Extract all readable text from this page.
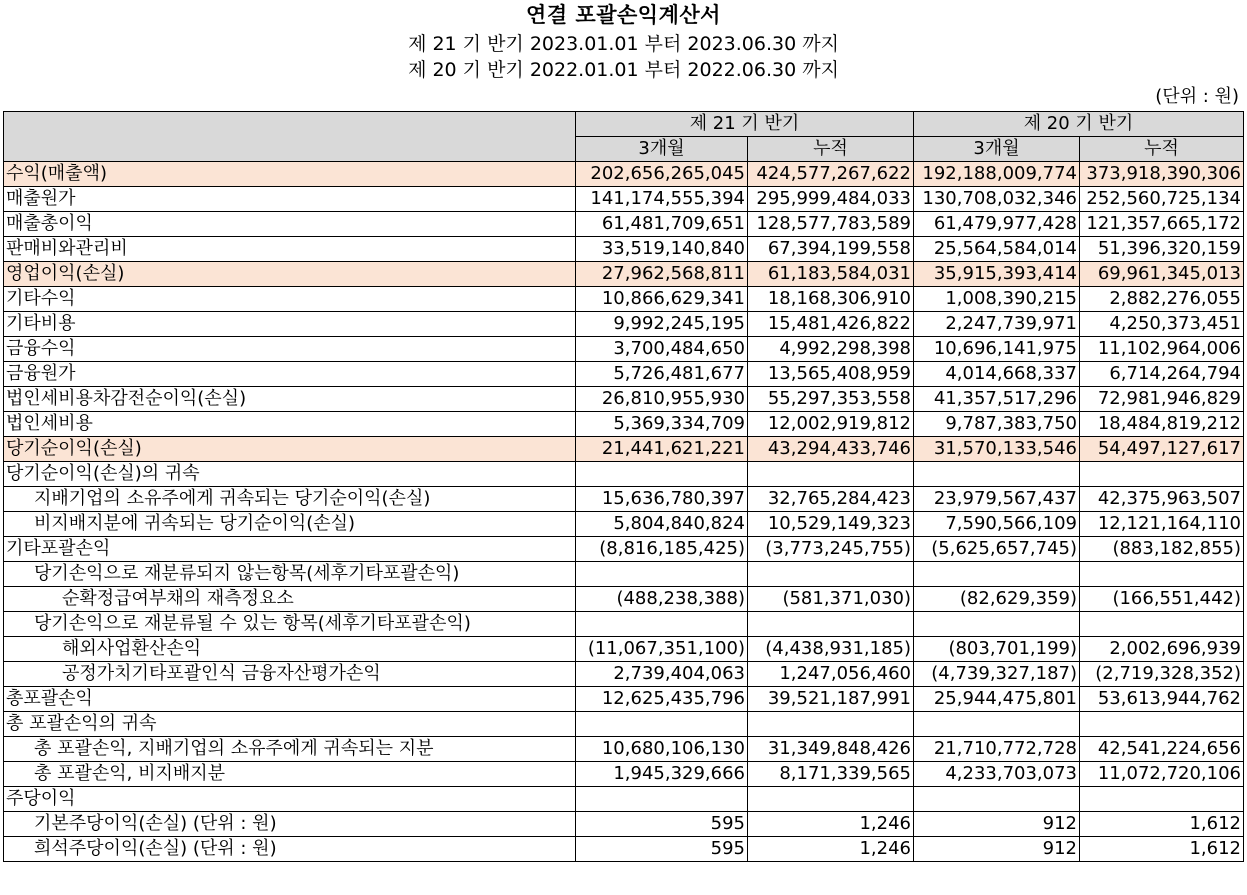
연결 포괄손익계산서
제 21 기 반기 2023.01.01 부터 2023.06.30 까지
제 20 기 반기 2022.01.01 부터 2022.06.30 까지
(단위 : 원)
	제 21 기 반기		제 20 기 반기	
	3개월	누적	3개월	누적
수익(매출액)	202,656,265,045	424,577,267,622	192,188,009,774	373,918,390,306
매출원가	141,174,555,394	295,999,484,033	130,708,032,346	252,560,725,134
매출총이익	61,481,709,651	128,577,783,589	61,479,977,428	121,357,665,172
판매비와관리비	33,519,140,840	67,394,199,558	25,564,584,014	51,396,320,159
영업이익(손실)	27,962,568,811	61,183,584,031	35,915,393,414	69,961,345,013
기타수익	10,866,629,341	18,168,306,910	1,008,390,215	2,882,276,055
기타비용	9,992,245,195	15,481,426,822	2,247,739,971	4,250,373,451
금융수익	3,700,484,650	4,992,298,398	10,696,141,975	11,102,964,006
금융원가	5,726,481,677	13,565,408,959	4,014,668,337	6,714,264,794
법인세비용차감전순이익(손실)	26,810,955,930	55,297,353,558	41,357,517,296	72,981,946,829
법인세비용	5,369,334,709	12,002,919,812	9,787,383,750	18,484,819,212
당기순이익(손실)	21,441,621,221	43,294,433,746	31,570,133,546	54,497,127,617
당기순이익(손실)의 귀속				
지배기업의 소유주에게 귀속되는 당기순이익(손실)	15,636,780,397	32,765,284,423	23,979,567,437	42,375,963,507
비지배지분에 귀속되는 당기순이익(손실)	5,804,840,824	10,529,149,323	7,590,566,109	12,121,164,110
기타포괄손익	(8,816,185,425)	(3,773,245,755)	(5,625,657,745)	(883,182,855)
당기손익으로 재분류되지 않는항목(세후기타포괄손익)				
순확정급여부채의 재측정요소	(488,238,388)	(581,371,030)	(82,629,359)	(166,551,442)
당기손익으로 재분류될 수 있는 항목(세후기타포괄손익)				
해외사업환산손익	(11,067,351,100)	(4,438,931,185)	(803,701,199)	2,002,696,939
공정가치기타포괄인식 금융자산평가손익	2,739,404,063	1,247,056,460	(4,739,327,187)	(2,719,328,352)
총포괄손익	12,625,435,796	39,521,187,991	25,944,475,801	53,613,944,762
총 포괄손익의 귀속				
총 포괄손익, 지배기업의 소유주에게 귀속되는 지분	10,680,106,130	31,349,848,426	21,710,772,728	42,541,224,656
총 포괄손익, 비지배지분	1,945,329,666	8,171,339,565	4,233,703,073	11,072,720,106
주당이익				
기본주당이익(손실) (단위 : 원)	595	1,246	912	1,612
희석주당이익(손실) (단위 : 원)	595	1,246	912	1,612
